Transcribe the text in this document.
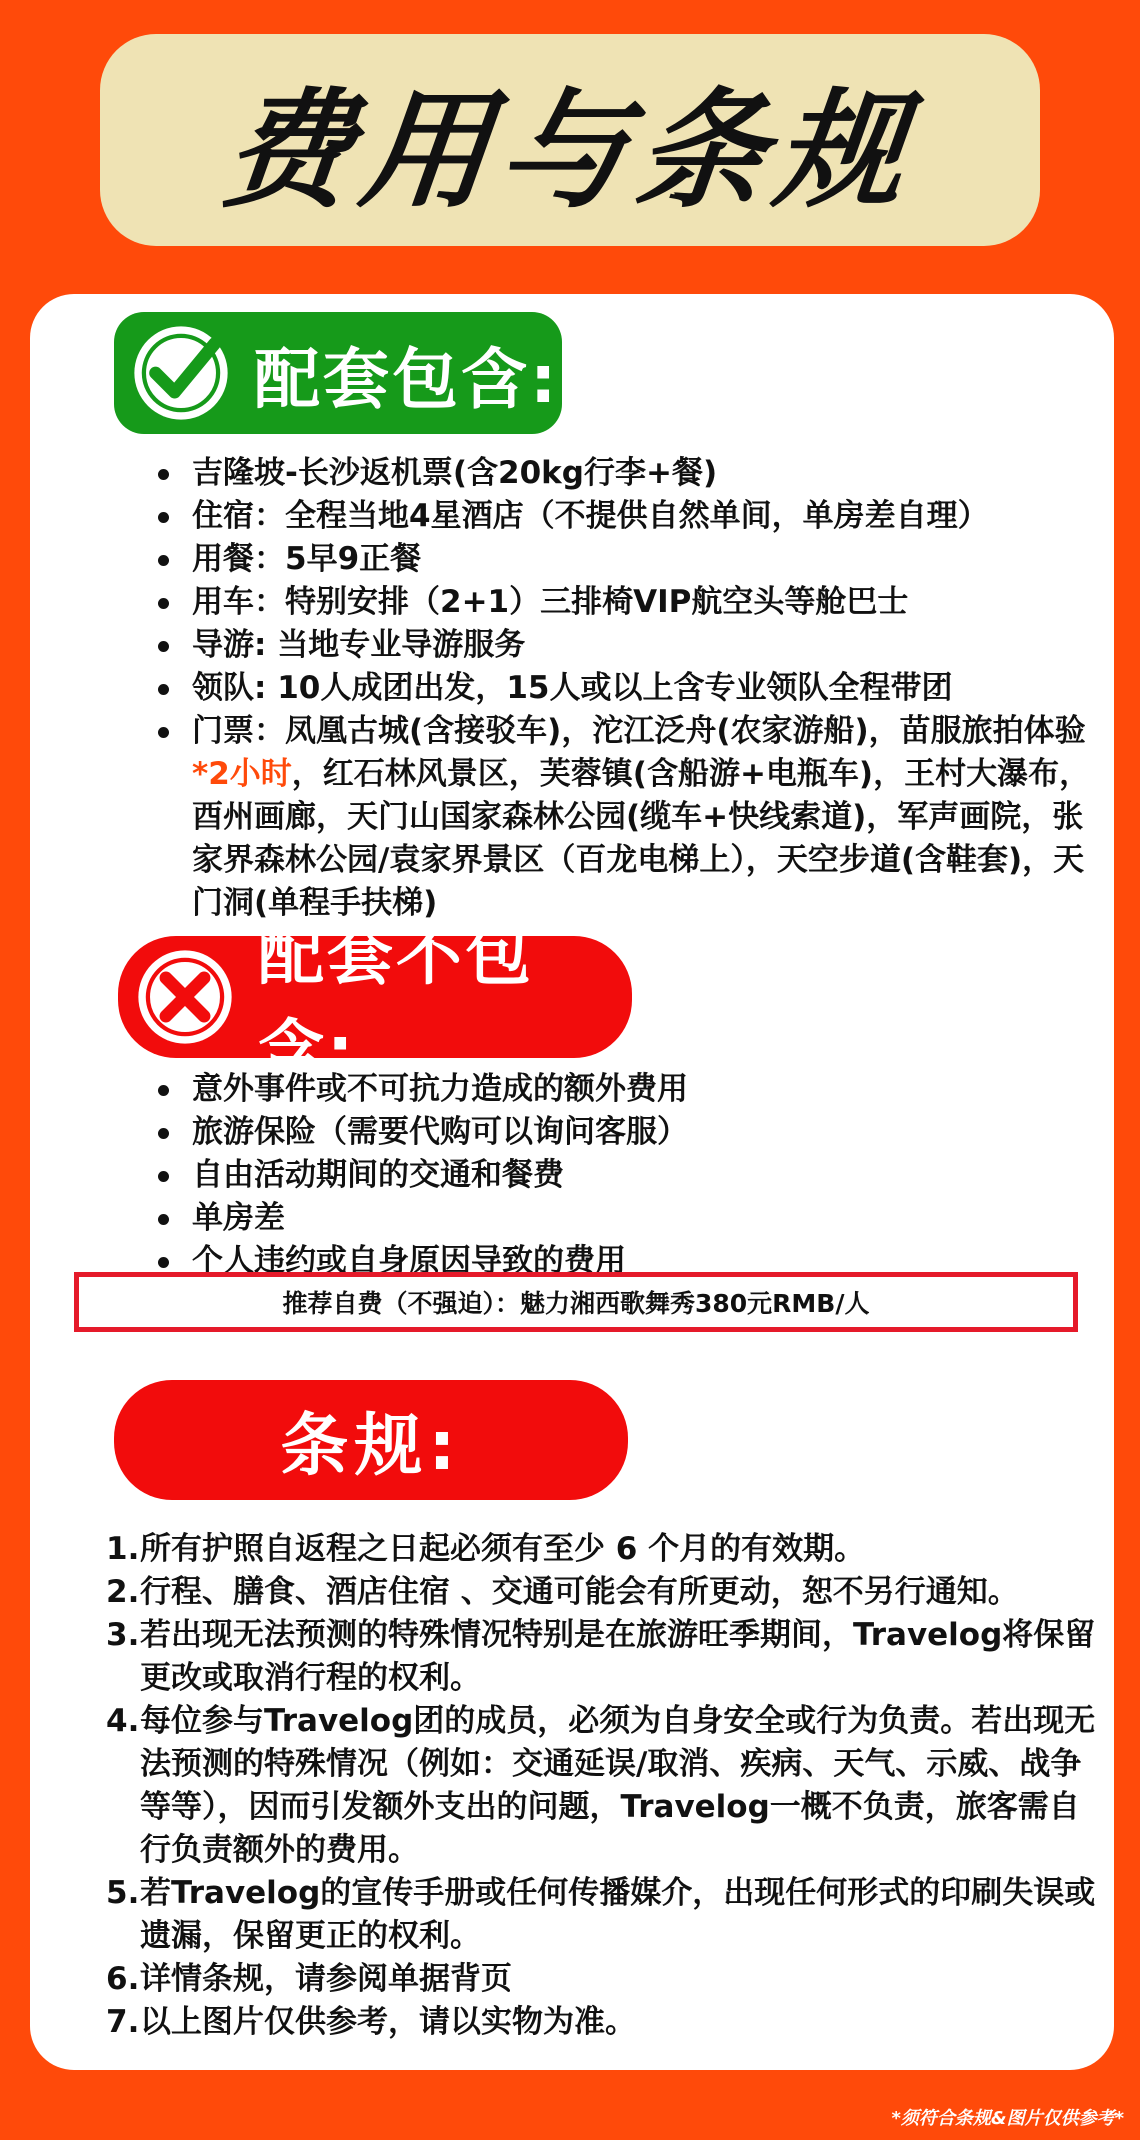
费用与条规
配套包含:
吉隆坡-长沙返机票(含20kg行李+餐)
住宿：全程当地4星酒店（不提供自然单间，单房差自理）
用餐：5早9正餐
用车：特别安排（2+1）三排椅VIP航空头等舱巴士
导游: 当地专业导游服务
领队: 10人成团出发，15人或以上含专业领队全程带团
门票：凤凰古城(含接驳车)，沱江泛舟(农家游船)，苗服旅拍体验*2小时，红石林风景区，芙蓉镇(含船游+电瓶车)，王村大瀑布，酉州画廊，天门山国家森林公园(缆车+快线索道)，军声画院，张家界森林公园/袁家界景区（百龙电梯上），天空步道(含鞋套)，天门洞(单程手扶梯)
配套不包含:
意外事件或不可抗力造成的额外费用
旅游保险（需要代购可以询问客服）
自由活动期间的交通和餐费
单房差
个人违约或自身原因导致的费用
推荐自费（不强迫）：魅力湘西歌舞秀380元RMB/人
条规:
1. 所有护照自返程之日起必须有至少 6 个月的有效期。
2. 行程、膳食、酒店住宿 、交通可能会有所更动，恕不另行通知。
3. 若出现无法预测的特殊情况特别是在旅游旺季期间，Travelog将保留更改或取消行程的权利。
4. 每位参与Travelog团的成员，必须为自身安全或行为负责。若出现无法预测的特殊情况（例如：交通延误/取消、疾病、天气、示威、战争等等），因而引发额外支出的问题，Travelog一概不负责，旅客需自行负责额外的费用。
5. 若Travelog的宣传手册或任何传播媒介，出现任何形式的印刷失误或遗漏，保留更正的权利。
6. 详情条规，请参阅单据背页
7. 以上图片仅供参考，请以实物为准。
*须符合条规&图片仅供参考*
